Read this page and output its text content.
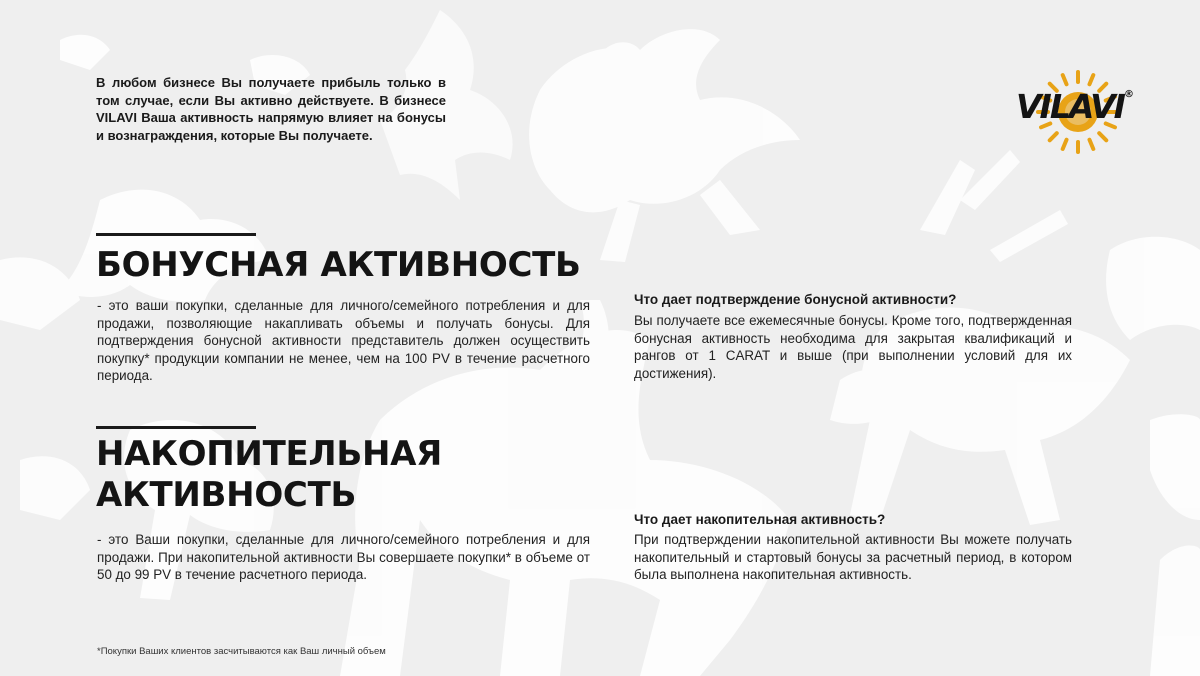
В любом бизнесе Вы получаете прибыль только в том случае, если Вы активно действуете. В бизнесе VILAVI Ваша активность напрямую влияет на бонусы и вознаграждения, которые Вы получаете.
VILAVI®
БОНУСНАЯ АКТИВНОСТЬ
- это ваши покупки, сделанные для личного/семейного потребления и для продажи, позволяющие накапливать объемы и получать бонусы. Для подтверждения бонусной активности представитель должен осуществить покупку* продукции компании не менее, чем на 100 PV в течение расчетного периода.
Что дает подтверждение бонусной активности?
Вы получаете все ежемесячные бонусы. Кроме того, подтвержденная бонусная активность необходима для закрытая квалификаций и рангов от 1 CARAT и выше (при выполнении условий для их достижения).
НАКОПИТЕЛЬНАЯ
АКТИВНОСТЬ
- это Ваши покупки, сделанные для личного/семейного потребления и для продажи. При накопительной активности Вы совершаете покупки* в объеме от 50 до 99 PV в течение расчетного периода.
Что дает накопительная активность?
При подтверждении накопительной активности Вы можете получать накопительный и стартовый бонусы за расчетный период, в котором была выполнена накопительная активность.
*Покупки Ваших клиентов засчитываются как Ваш личный объем
